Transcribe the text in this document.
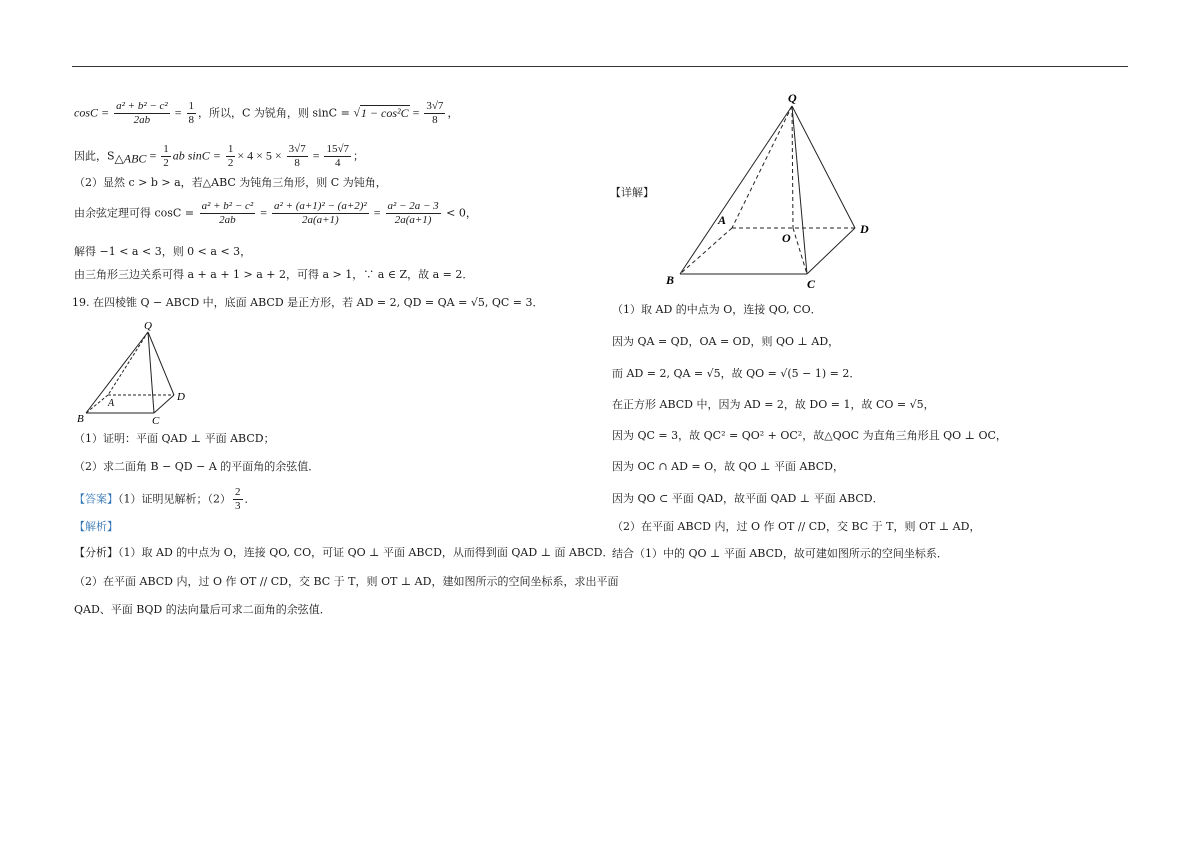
$\cos C = \frac{\text{a² + b² − c²}}{2ab} = \frac{1}{8}$ ，所以，C 为锐角，则 $\sin C = √1 - \cos^2C = \frac{3√7}{8}$ ，
因此，$S_{\triangle ABC} = \frac{1}{2}$ ab $\sin C = \frac{1}{2} \times 4 \times 5 \times \frac{3√7}{8} = \frac{15√7}{4}$ ；
（2）显然 c > b > a，若△ABC 为钝角三角形，则 C 为钝角，
由余弦定理可得 $\cos C = \frac{\text{a² + b² − c²}}{2ab} = \frac{\text{a² + (a+1)² − (a+2)²}}{2a(a+1)} = \frac{\text{a² − 2a − 3}}{2a(a+1)} < 0$，
解得 −1 < a < 3，则 0 < a < 3，
由三角形三边关系可得 a + a + 1 > a + 2，可得 a > 1，∵ a ∈ Z，故 a = 2．
19. 在四棱锥 Q − ABCD 中，底面 ABCD 是正方形，若 AD = 2, QD = QA = √5, QC = 3．
Q
A
B	C
D
（1）证明：平面 QAD ⊥ 平面 ABCD；
（2）求二面角 B − QD − A 的平面角的余弦值．
【答案】（1）证明见解析；$(2) \frac{2}{3}$ ．
【解析】
【分析】（1）取 AD 的中点为 O，连接 QO, CO，可证 QO ⊥ 平面 ABCD，从而得到面 QAD ⊥ 面 ABCD．
（2）在平面 ABCD 内，过 O 作 OT // CD，交 BC 于 T，则 OT ⊥ AD，建如图所示的空间坐标系，求出平面
QAD、平面 BQD 的法向量后可求二面角的余弦值．
【详解】
Q
A
O
B	C
D
（1）取 AD 的中点为 O，连接 QO, CO．
因为 QA = QD，OA = OD，则 QO ⊥ AD，
而 AD = 2, QA = √5，故 QO = √(5 − 1) = 2．
在正方形 ABCD 中，因为 AD = 2，故 DO = 1，故 CO = √5，
因为 QC = 3，故 QC² = QO² + OC²，故△QOC 为直角三角形且 QO ⊥ OC，
因为 OC ∩ AD = O，故 QO ⊥ 平面 ABCD，
因为 QO ⊂ 平面 QAD，故平面 QAD ⊥ 平面 ABCD．
（2）在平面 ABCD 内，过 O 作 OT // CD，交 BC 于 T，则 OT ⊥ AD，
结合（1）中的 QO ⊥ 平面 ABCD，故可建如图所示的空间坐标系．
